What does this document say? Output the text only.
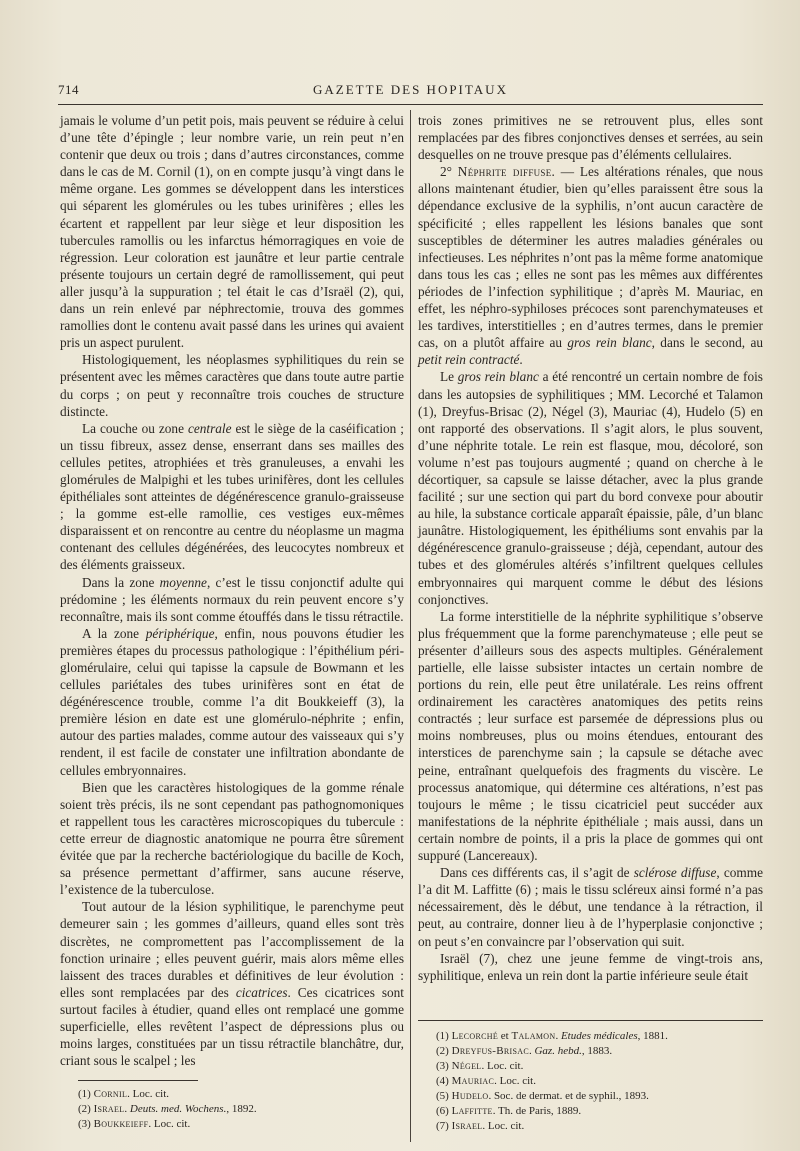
714	GAZETTE DES HOPITAUX

jamais le volume d’un petit pois, mais peuvent se réduire à celui d’une tête d’épingle ; leur nombre varie, un rein peut n’en contenir que deux ou trois ; dans d’autres circonstances, comme dans le cas de M. Cornil (1), on en compte jusqu’à vingt dans le même organe. Les gommes se développent dans les interstices qui séparent les glomérules ou les tubes urinifères ; elles les écartent et rappellent par leur siège et leur disposition les tubercules ramollis ou les infarctus hémorragiques en voie de régression. Leur coloration est jaunâtre et leur partie centrale présente toujours un certain degré de ramollissement, qui peut aller jusqu’à la suppuration ; tel était le cas d’Israël (2), qui, dans un rein enlevé par néphrectomie, trouva des gommes ramollies dont le contenu avait passé dans les urines qui avaient pris un aspect purulent.

Histologiquement, les néoplasmes syphilitiques du rein se présentent avec les mêmes caractères que dans toute autre partie du corps ; on peut y reconnaître trois couches de structure distincte.

La couche ou zone centrale est le siège de la caséification ; un tissu fibreux, assez dense, enserrant dans ses mailles des cellules petites, atrophiées et très granuleuses, a envahi les glomérules de Malpighi et les tubes urinifères, dont les cellules épithéliales sont atteintes de dégénérescence granulo-graisseuse ; la gomme est-elle ramollie, ces vestiges eux-mêmes disparaissent et on rencontre au centre du néoplasme un magma contenant des cellules dégénérées, des leucocytes nombreux et des éléments graisseux.

Dans la zone moyenne, c’est le tissu conjonctif adulte qui prédomine ; les éléments normaux du rein peuvent encore s’y reconnaître, mais ils sont comme étouffés dans le tissu rétractile.

A la zone périphérique, enfin, nous pouvons étudier les premières étapes du processus pathologique : l’épithélium péri-glomérulaire, celui qui tapisse la capsule de Bowmann et les cellules pariétales des tubes urinifères sont en état de dégénérescence trouble, comme l’a dit Boukkeieff (3), la première lésion en date est une glomérulo-néphrite ; enfin, autour des parties malades, comme autour des vaisseaux qui s’y rendent, il est facile de constater une infiltration abondante de cellules embryonnaires.

Bien que les caractères histologiques de la gomme rénale soient très précis, ils ne sont cependant pas pathognomoniques et rappellent tous les caractères microscopiques du tubercule : cette erreur de diagnostic anatomique ne pourra être sûrement évitée que par la recherche bactériologique du bacille de Koch, sa présence permettant d’affirmer, sans aucune réserve, l’existence de la tuberculose.

Tout autour de la lésion syphilitique, le parenchyme peut demeurer sain ; les gommes d’ailleurs, quand elles sont très discrètes, ne compromettent pas l’accomplissement de la fonction urinaire ; elles peuvent guérir, mais alors même elles laissent des traces durables et définitives de leur évolution : elles sont remplacées par des cicatrices. Ces cicatrices sont surtout faciles à étudier, quand elles ont remplacé une gomme superficielle, elles revêtent l’aspect de dépressions plus ou moins larges, constituées par un tissu rétractile blanchâtre, dur, criant sous le scalpel ; les

trois zones primitives ne se retrouvent plus, elles sont remplacées par des fibres conjonctives denses et serrées, au sein desquelles on ne trouve presque pas d’éléments cellulaires.

2° Néphrite diffuse. — Les altérations rénales, que nous allons maintenant étudier, bien qu’elles paraissent être sous la dépendance exclusive de la syphilis, n’ont aucun caractère de spécificité ; elles rappellent les lésions banales que sont susceptibles de déterminer les autres maladies générales ou infectieuses. Les néphrites n’ont pas la même forme anatomique dans tous les cas ; elles ne sont pas les mêmes aux différentes périodes de l’infection syphilitique ; d’après M. Mauriac, en effet, les néphro-syphiloses précoces sont parenchymateuses et les tardives, interstitielles ; en d’autres termes, dans le premier cas, on a plutôt affaire au gros rein blanc, dans le second, au petit rein contracté.

Le gros rein blanc a été rencontré un certain nombre de fois dans les autopsies de syphilitiques ; MM. Lecorché et Talamon (1), Dreyfus-Brisac (2), Négel (3), Mauriac (4), Hudelo (5) en ont rapporté des observations. Il s’agit alors, le plus souvent, d’une néphrite totale. Le rein est flasque, mou, décoloré, son volume n’est pas toujours augmenté ; quand on cherche à le décortiquer, sa capsule se laisse détacher, avec la plus grande facilité ; sur une section qui part du bord convexe pour aboutir au hile, la substance corticale apparaît épaissie, pâle, d’un blanc jaunâtre. Histologiquement, les épithéliums sont envahis par la dégénérescence granulo-graisseuse ; déjà, cependant, autour des tubes et des glomérules altérés s’infiltrent quelques cellules embryonnaires qui marquent comme le début des lésions conjonctives.

La forme interstitielle de la néphrite syphilitique s’observe plus fréquemment que la forme parenchymateuse ; elle peut se présenter d’ailleurs sous des aspects multiples. Généralement partielle, elle laisse subsister intactes un certain nombre de portions du rein, elle peut être unilatérale. Les reins offrent ordinairement les caractères anatomiques des petits reins contractés ; leur surface est parsemée de dépressions plus ou moins nombreuses, plus ou moins étendues, entourant des interstices de parenchyme sain ; la capsule se détache avec peine, entraînant quelquefois des fragments du viscère. Le processus anatomique, qui détermine ces altérations, n’est pas toujours le même ; le tissu cicatriciel peut succéder aux manifestations de la néphrite épithéliale ; mais aussi, dans un certain nombre de points, il a pris la place de gommes qui ont suppuré (Lancereaux).

Dans ces différents cas, il s’agit de sclérose diffuse, comme l’a dit M. Laffitte (6) ; mais le tissu scléreux ainsi formé n’a pas nécessairement, dès le début, une tendance à la rétraction, il peut, au contraire, donner lieu à de l’hyperplasie conjonctive ; on peut s’en convaincre par l’observation qui suit.

Israël (7), chez une jeune femme de vingt-trois ans, syphilitique, enleva un rein dont la partie inférieure seule était

(1) Cornil. Loc. cit.
(2) Israel. Deuts. med. Wochens., 1892.
(3) Boukkeieff. Loc. cit.
(1) Lecorché et Talamon. Etudes médicales, 1881.
(2) Dreyfus-Brisac. Gaz. hebd., 1883.
(3) Négel. Loc. cit.
(4) Mauriac. Loc. cit.
(5) Hudelo. Soc. de dermat. et de syphil., 1893.
(6) Laffitte. Th. de Paris, 1889.
(7) Israel. Loc. cit.
